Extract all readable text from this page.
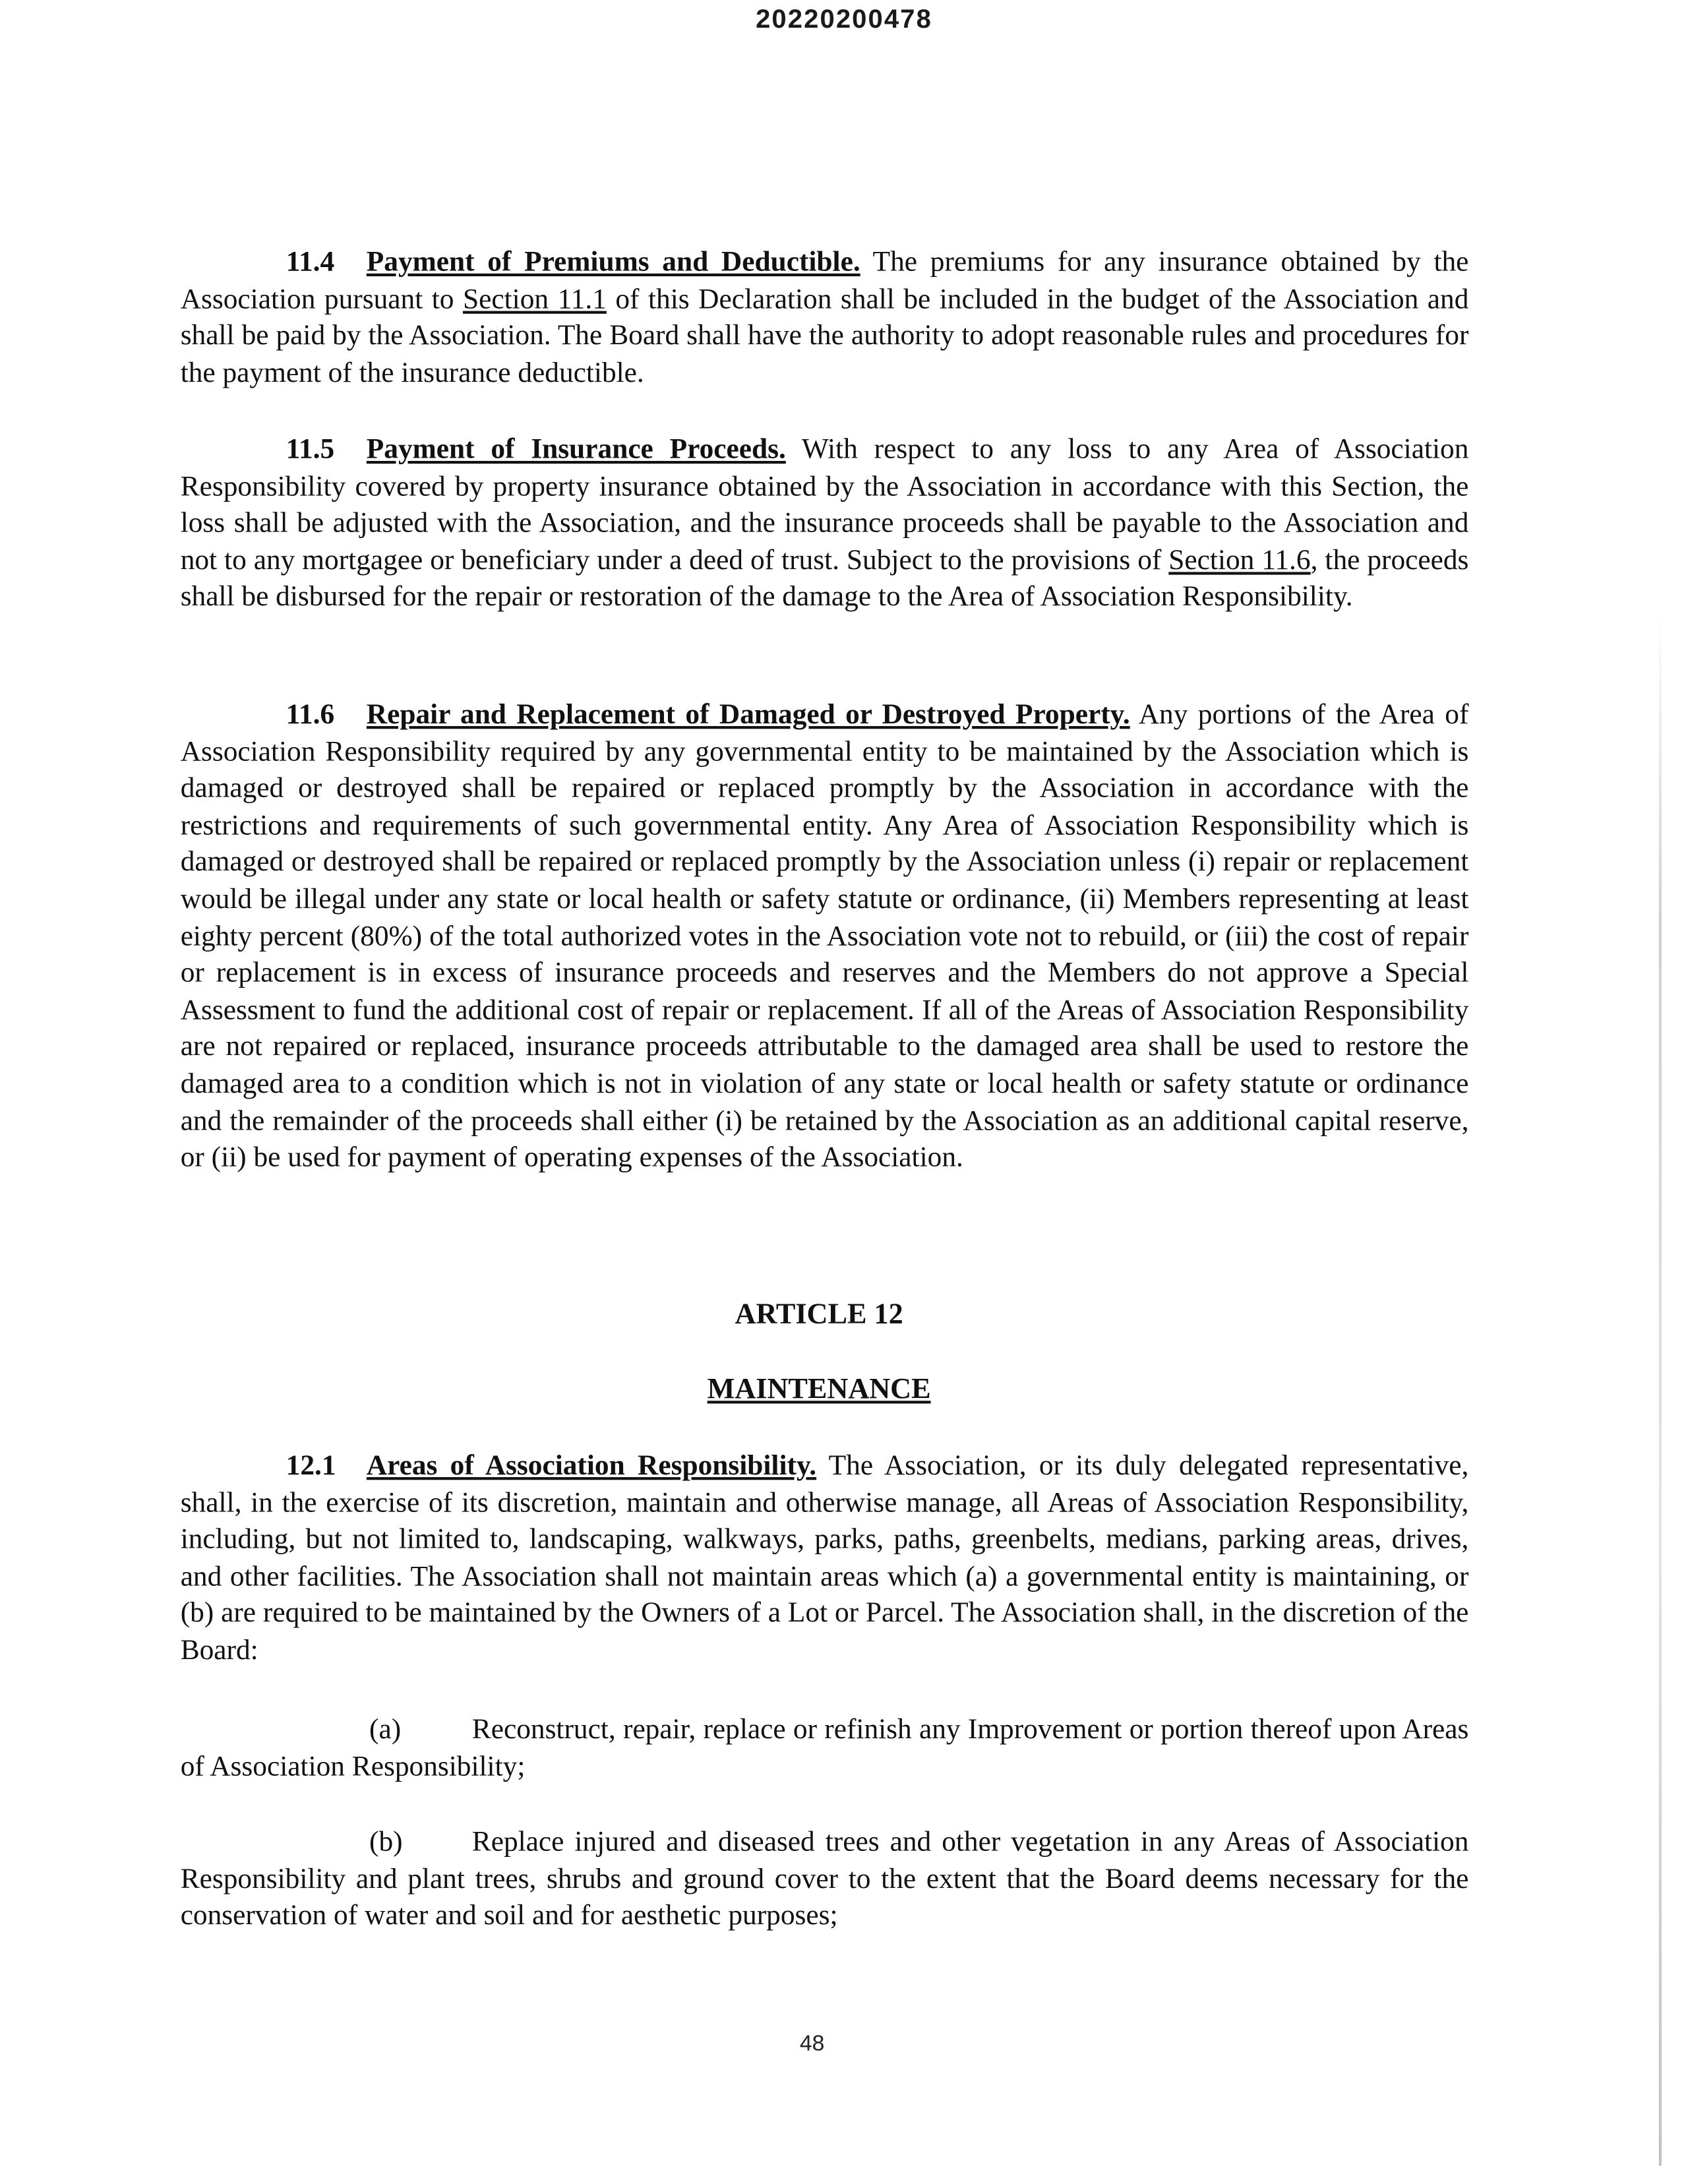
20220200478

11.4 Payment of Premiums and Deductible. The premiums for any insurance obtained by the Association pursuant to Section 11.1 of this Declaration shall be included in the budget of the Association and shall be paid by the Association. The Board shall have the authority to adopt reasonable rules and procedures for the payment of the insurance deductible.

11.5 Payment of Insurance Proceeds. With respect to any loss to any Area of Association Responsibility covered by property insurance obtained by the Association in accordance with this Section, the loss shall be adjusted with the Association, and the insurance proceeds shall be payable to the Association and not to any mortgagee or beneficiary under a deed of trust. Subject to the provisions of Section 11.6, the proceeds shall be disbursed for the repair or restoration of the damage to the Area of Association Responsibility.

11.6 Repair and Replacement of Damaged or Destroyed Property. Any portions of the Area of Association Responsibility required by any governmental entity to be maintained by the Association which is damaged or destroyed shall be repaired or replaced promptly by the Association in accordance with the restrictions and requirements of such governmental entity. Any Area of Association Responsibility which is damaged or destroyed shall be repaired or replaced promptly by the Association unless (i) repair or replacement would be illegal under any state or local health or safety statute or ordinance, (ii) Members representing at least eighty percent (80%) of the total authorized votes in the Association vote not to rebuild, or (iii) the cost of repair or replacement is in excess of insurance proceeds and reserves and the Members do not approve a Special Assessment to fund the additional cost of repair or replacement. If all of the Areas of Association Responsibility are not repaired or replaced, insurance proceeds attributable to the damaged area shall be used to restore the damaged area to a condition which is not in violation of any state or local health or safety statute or ordinance and the remainder of the proceeds shall either (i) be retained by the Association as an additional capital reserve, or (ii) be used for payment of operating expenses of the Association.

ARTICLE 12
MAINTENANCE

12.1 Areas of Association Responsibility. The Association, or its duly delegated representative, shall, in the exercise of its discretion, maintain and otherwise manage, all Areas of Association Responsibility, including, but not limited to, landscaping, walkways, parks, paths, greenbelts, medians, parking areas, drives, and other facilities. The Association shall not maintain areas which (a) a governmental entity is maintaining, or (b) are required to be maintained by the Owners of a Lot or Parcel. The Association shall, in the discretion of the Board:

(a)	Reconstruct, repair, replace or refinish any Improvement or portion thereof upon Areas of Association Responsibility;

(b)	Replace injured and diseased trees and other vegetation in any Areas of Association Responsibility and plant trees, shrubs and ground cover to the extent that the Board deems necessary for the conservation of water and soil and for aesthetic purposes;

48
